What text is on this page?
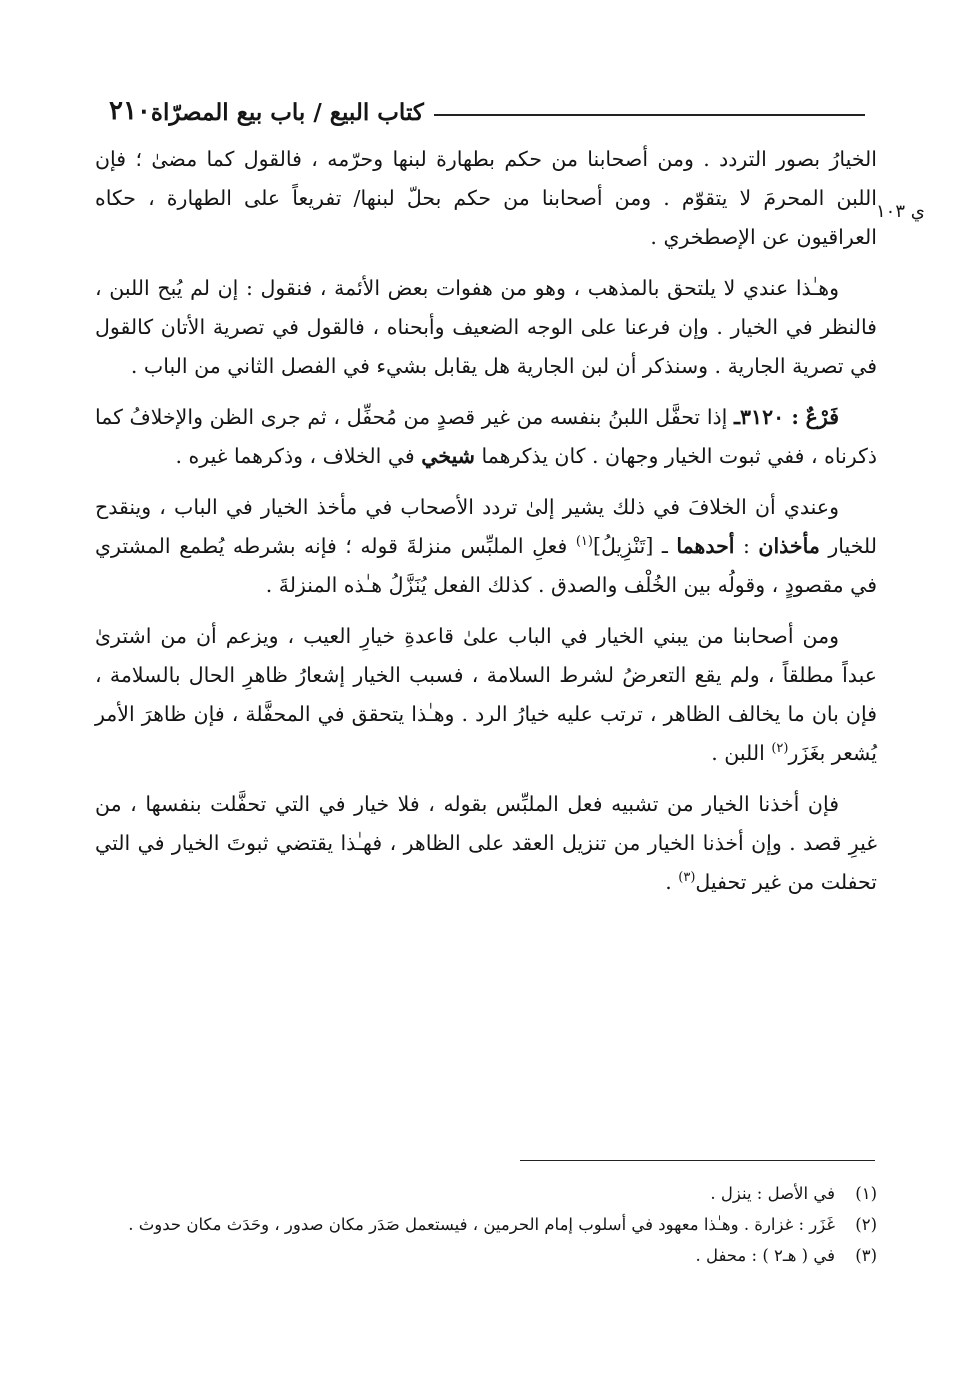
٢١٠ كتاب البيع / باب بيع المصرّاة
ي ١٠٣

الخيارُ بصور التردد . ومن أصحابنا من حكم بطهارة لبنها وحرّمه ، فالقول كما مضىٰ ؛ فإن اللبن المحرمَ لا يتقوّم . ومن أصحابنا من حكم بحلّ لبنها/ تفريعاً على الطهارة ، حكاه العراقيون عن الإصطخري .

وهـٰذا عندي لا يلتحق بالمذهب ، وهو من هفوات بعض الأئمة ، فنقول : إن لم يُبح اللبن ، فالنظر في الخيار . وإن فرعنا على الوجه الضعيف وأبحناه ، فالقول في تصرية الأتان كالقول في تصرية الجارية . وسنذكر أن لبن الجارية هل يقابل بشيء في الفصل الثاني من الباب .

فَرْعٌ : ٣١٢٠ـ إذا تحفَّل اللبنُ بنفسه من غير قصدٍ من مُحفِّل ، ثم جرى الظن والإخلافُ كما ذكرناه ، ففي ثبوت الخيار وجهان . كان يذكرهما شيخي في الخلاف ، وذكرهما غيره .

وعندي أن الخلافَ في ذلك يشير إلىٰ تردد الأصحاب في مأخذ الخيار في الباب ، وينقدح للخيار مأخذان : أحدهما ـ [تَنْزِيلُ]$^{(١)}$ فعلِ الملبِّس منزلةَ قوله ؛ فإنه بشرطه يُطمع المشتري في مقصودٍ ، وقولُه بين الخُلْف والصدق . كذلك الفعل يُنَزَّلُ هـٰذه المنزلةَ .

ومن أصحابنا من يبني الخيار في الباب علىٰ قاعدةِ خيارِ العيب ، ويزعم أن من اشترىٰ عبداً مطلقاً ، ولم يقع التعرضُ لشرط السلامة ، فسبب الخيار إشعارُ ظاهرِ الحال بالسلامة ، فإن بان ما يخالف الظاهر ، ترتب عليه خيارُ الرد . وهـٰذا يتحقق في المحفَّلة ، فإن ظاهرَ الأمر يُشعر بغَزَر$^{(٢)}$ اللبن .

فإن أخذنا الخيار من تشبيه فعل الملبِّس بقوله ، فلا خيار في التي تحفَّلت بنفسها ، من غيرِ قصد . وإن أخذنا الخيار من تنزيل العقد على الظاهر ، فهـٰذا يقتضي ثبوتَ الخيار في التي تحفلت من غير تحفيل$^{(٣)}$ .

(١)
في الأصل : ينزل .
(٢)
غَزَر : غزارة . وهـٰذا معهود في أسلوب إمام الحرمين ، فيستعمل صَدَر مكان صدور ، وحَدَث مكان حدوث .
(٣)
في ( هـ٢ ) : محفل .
